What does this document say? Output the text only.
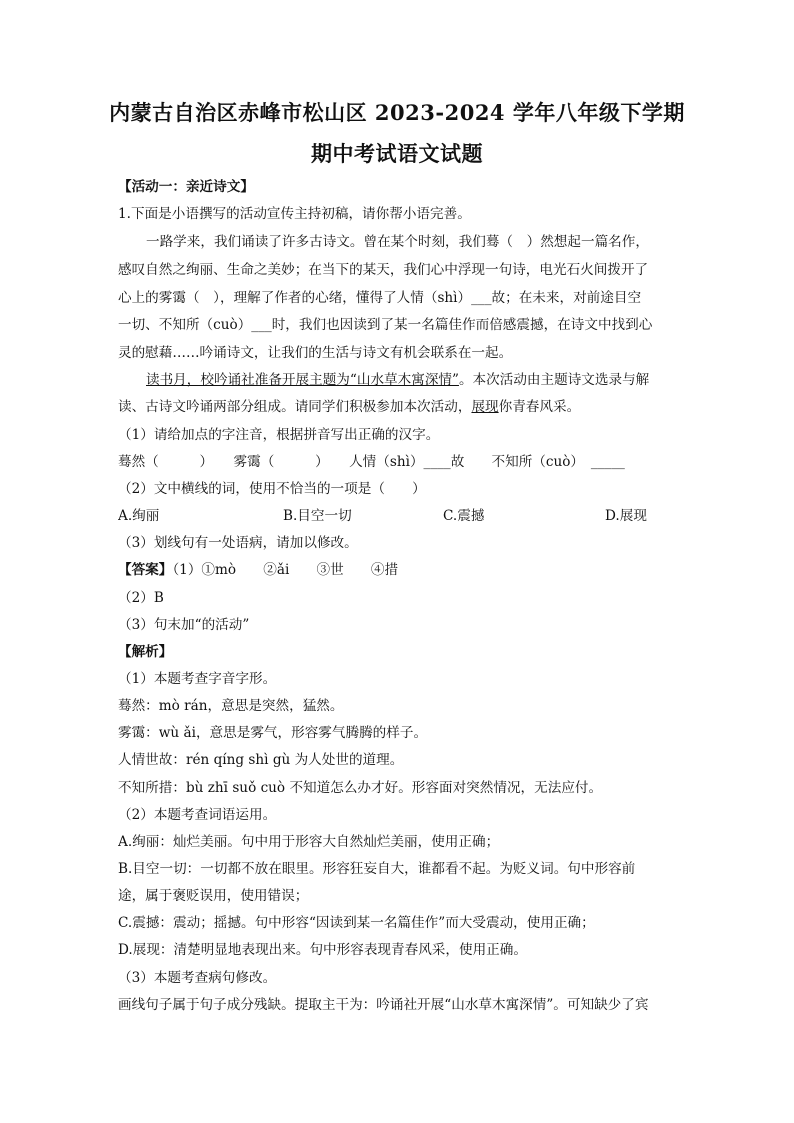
内蒙古自治区赤峰市松山区 2023-2024 学年八年级下学期
期中考试语文试题
【活动一：亲近诗文】
1.下面是小语撰写的活动宣传主持初稿，请你帮小语完善。
一路学来，我们诵读了许多古诗文。曾在某个时刻，我们蓦（　）然想起一篇名作，
感叹自然之绚丽、生命之美妙；在当下的某天，我们心中浮现一句诗，电光石火间拨开了
心上的雾霭（　），理解了作者的心绪，懂得了人情（shì）___故；在未来，对前途目空
一切、不知所（cuò）___时，我们也因读到了某一名篇佳作而倍感震撼，在诗文中找到心
灵的慰藉……吟诵诗文，让我们的生活与诗文有机会联系在一起。
读书月，校吟诵社准备开展主题为“山水草木寓深情”。本次活动由主题诗文选录与解
读、古诗文吟诵两部分组成。请同学们积极参加本次活动，展现你青春风采。
（1）请给加点的字注音，根据拼音写出正确的汉字。
蓦然（　　　）　　雾霭（　　　）　　人情（shì）____故　　不知所（cuò）　_____
（2）文中横线的词，使用不恰当的一项是（　　）
A.绚丽	B.目空一切	C.震撼	D.展现
（3）划线句有一处语病，请加以修改。
【答案】（1）①mò　　②ǎi　　③世　　④措
（2）B
（3）句末加“的活动”
【解析】
（1）本题考查字音字形。
蓦然：mò rán，意思是突然，猛然。
雾霭：wù ǎi，意思是雾气，形容雾气腾腾的样子。
人情世故：rén qíng shì gù 为人处世的道理。
不知所措：bù zhī suǒ cuò 不知道怎么办才好。形容面对突然情况，无法应付。
（2）本题考查词语运用。
A.绚丽：灿烂美丽。句中用于形容大自然灿烂美丽，使用正确；
B.目空一切：一切都不放在眼里。形容狂妄自大，谁都看不起。为贬义词。句中形容前
途，属于褒贬误用，使用错误；
C.震撼：震动；摇撼。句中形容“因读到某一名篇佳作”而大受震动，使用正确；
D.展现：清楚明显地表现出来。句中形容表现青春风采，使用正确。
（3）本题考查病句修改。
画线句子属于句子成分残缺。提取主干为：吟诵社开展“山水草木寓深情”。可知缺少了宾
